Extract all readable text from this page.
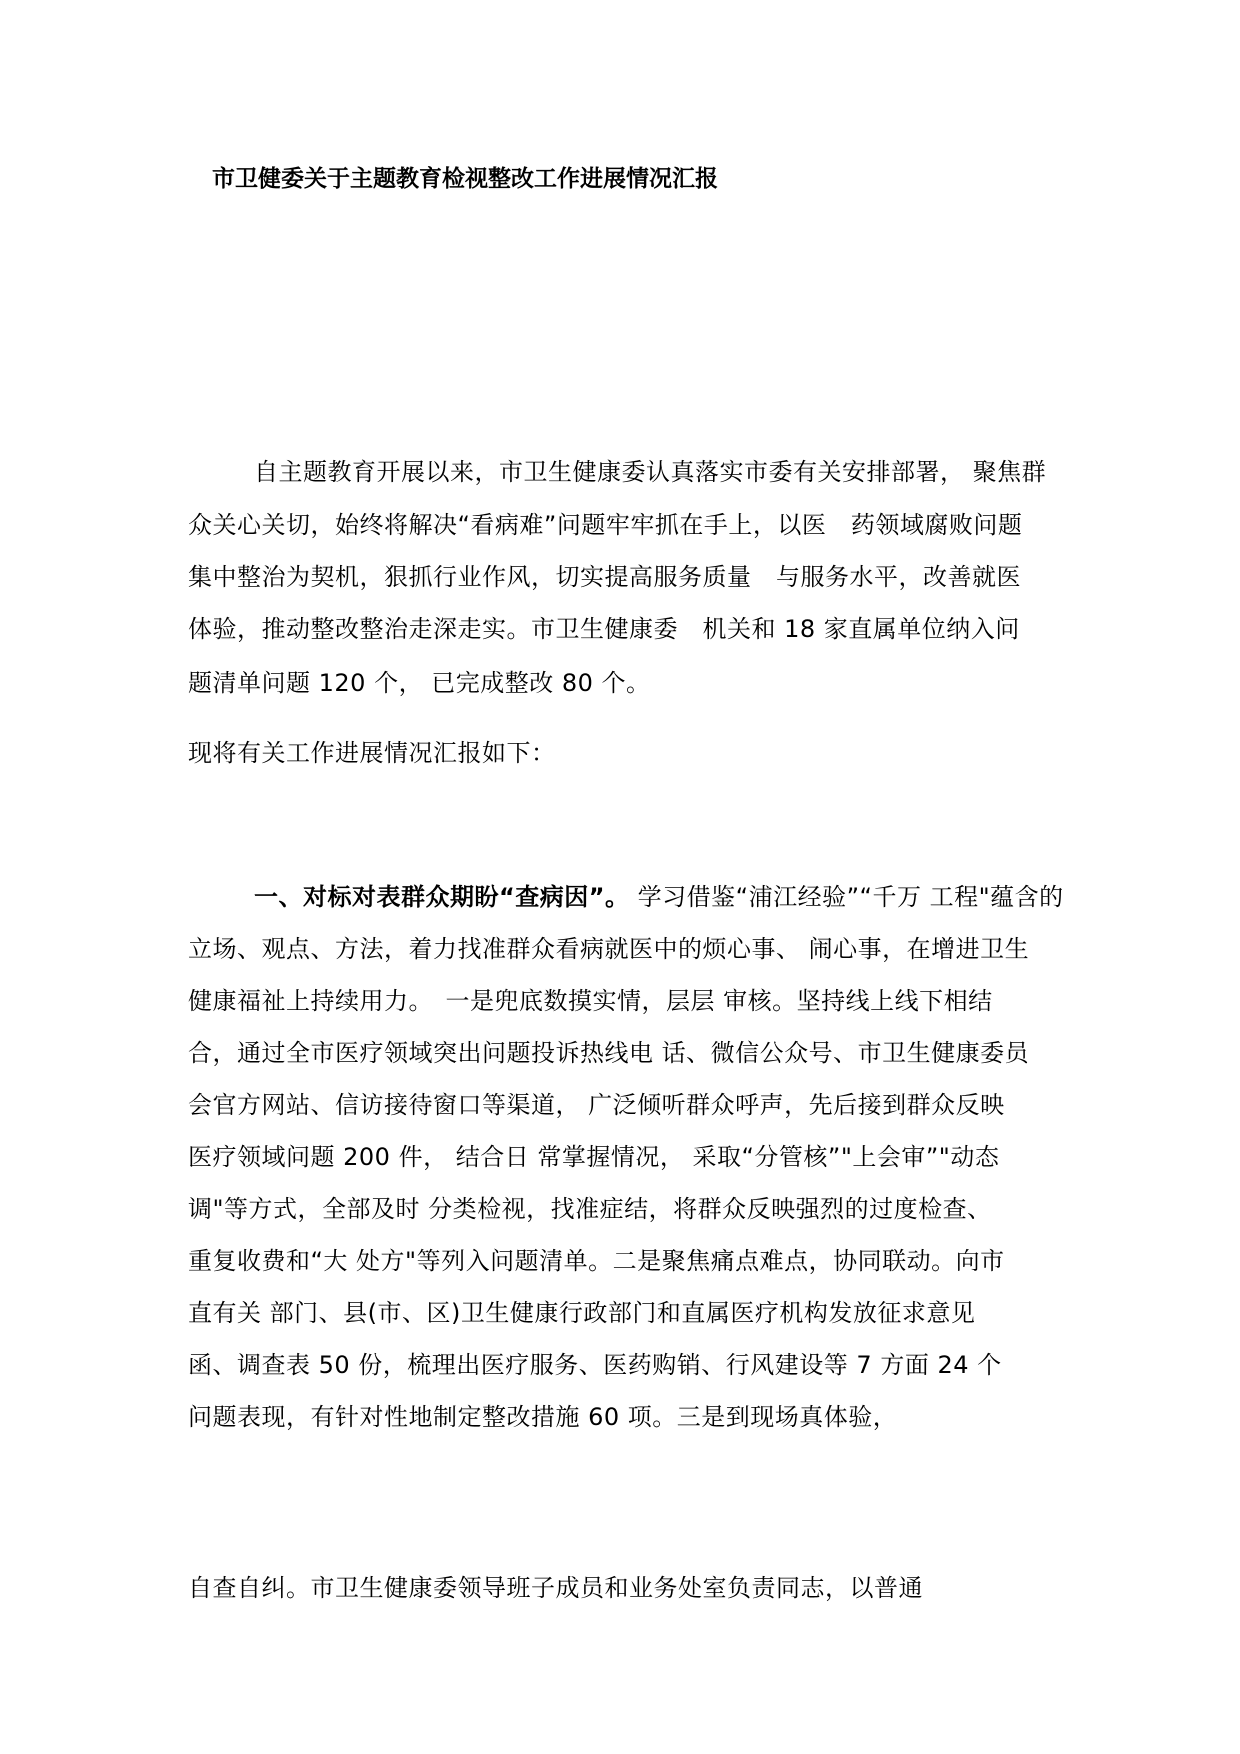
市卫健委关于主题教育检视整改工作进展情况汇报
自主题教育开展以来，市卫生健康委认真落实市委有关安排部署， 聚焦群
众关心关切，始终将解决“看病难”问题牢牢抓在手上，以医　药领域腐败问题
集中整治为契机，狠抓行业作风，切实提高服务质量　与服务水平，改善就医
体验，推动整改整治走深走实。市卫生健康委　机关和 18 家直属单位纳入问
题清单问题 120 个， 已完成整改 80 个。
现将有关工作进展情况汇报如下：
一、对标对表群众期盼“查病因”。 学习借鉴“浦江经验”“千万 工程"蕴含的
立场、观点、方法，着力找准群众看病就医中的烦心事、 闹心事，在增进卫生
健康福祉上持续用力。　一是兜底数摸实情，层层 审核。坚持线上线下相结
合，通过全市医疗领域突出问题投诉热线电 话、微信公众号、市卫生健康委员
会官方网站、信访接待窗口等渠道， 广泛倾听群众呼声，先后接到群众反映
医疗领域问题 200 件， 结合日 常掌握情况， 采取“分管核”"上会审”"动态
调"等方式，全部及时 分类检视，找准症结，将群众反映强烈的过度检查、
重复收费和“大 处方"等列入问题清单。二是聚焦痛点难点，协同联动。向市
直有关 部门、县(市、区)卫生健康行政部门和直属医疗机构发放征求意见
函、调查表 50 份，梳理出医疗服务、医药购销、行风建设等 7 方面 24 个
问题表现，有针对性地制定整改措施 60 项。三是到现场真体验，
自查自纠。市卫生健康委领导班子成员和业务处室负责同志，以普通
